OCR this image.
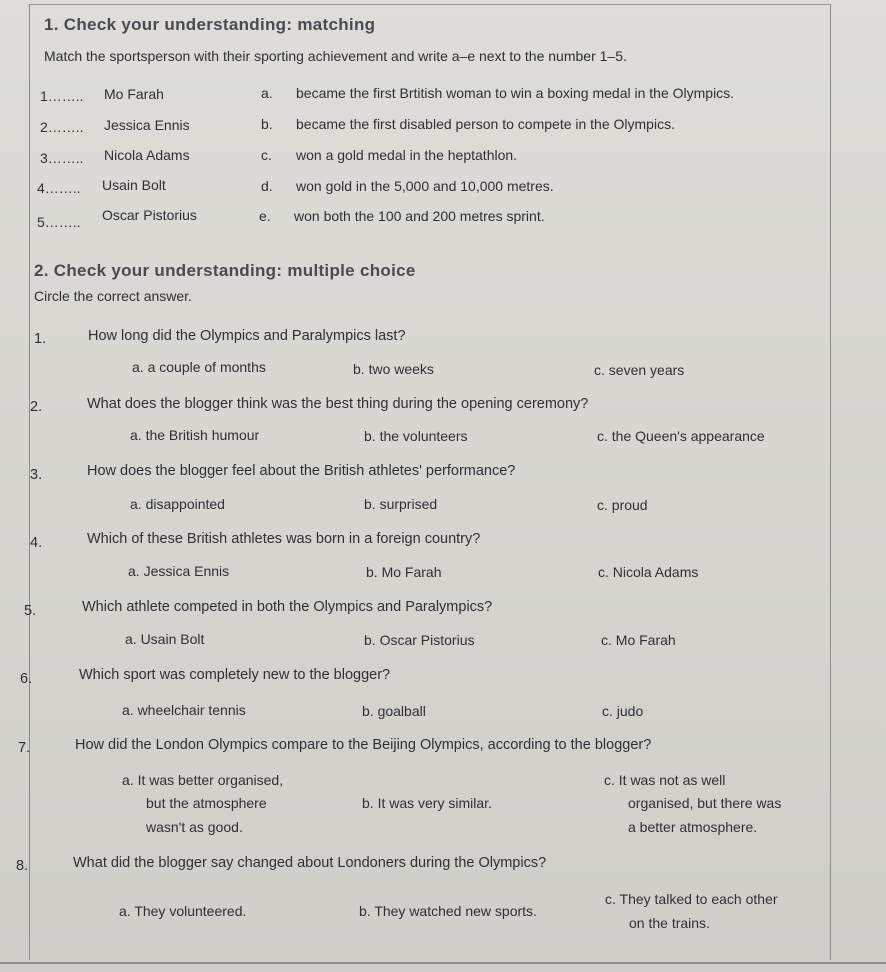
1. Check your understanding: matching
Match the sportsperson with their sporting achievement and write a–e next to the number 1–5.
1…….. Mo Farah	a. became the first Brtitish woman to win a boxing medal in the Olympics.
2…….. Jessica Ennis	b. became the first disabled person to compete in the Olympics.
3…….. Nicola Adams	c. won a gold medal in the heptathlon.
4…….. Usain Bolt	d. won gold in the 5,000 and 10,000 metres.
5…….. Oscar Pistorius	e. won both the 100 and 200 metres sprint.
2. Check your understanding: multiple choice
Circle the correct answer.
1.	How long did the Olympics and Paralympics last?
a. a couple of months	b. two weeks	c. seven years
2.	What does the blogger think was the best thing during the opening ceremony?
a. the British humour	b. the volunteers	c. the Queen's appearance
3.	How does the blogger feel about the British athletes' performance?
a. disappointed	b. surprised	c. proud
4.	Which of these British athletes was born in a foreign country?
a. Jessica Ennis	b. Mo Farah	c. Nicola Adams
5.	Which athlete competed in both the Olympics and Paralympics?
a. Usain Bolt	b. Oscar Pistorius	c. Mo Farah
6.	Which sport was completely new to the blogger?
a. wheelchair tennis	b. goalball	c. judo
7.	How did the London Olympics compare to the Beijing Olympics, according to the blogger?
a. It was better organised,
but the atmosphere
wasn't as good.
b. It was very similar.
c. It was not as well
organised, but there was
a better atmosphere.
8.	What did the blogger say changed about Londoners during the Olympics?
a. They volunteered.	b. They watched new sports.
c. They talked to each other
on the trains.
